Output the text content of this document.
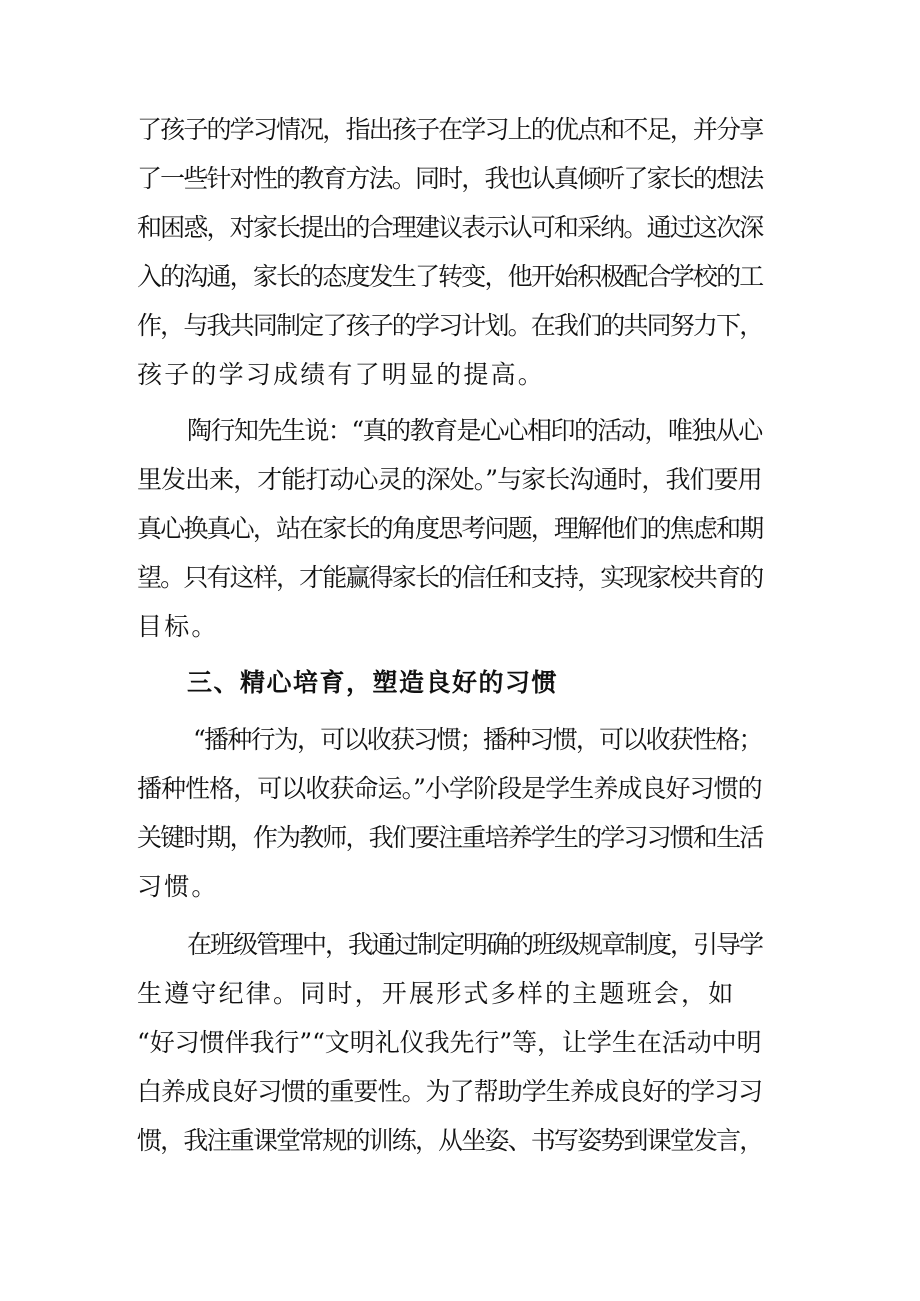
了孩子的学习情况，指出孩子在学习上的优点和不足，并分享
了一些针对性的教育方法。同时，我也认真倾听了家长的想法
和困惑，对家长提出的合理建议表示认可和采纳。通过这次深
入的沟通，家长的态度发生了转变，他开始积极配合学校的工
作，与我共同制定了孩子的学习计划。在我们的共同努力下，
孩子的学习成绩有了明显的提高。
陶行知先生说：“真的教育是心心相印的活动，唯独从心
里发出来，才能打动心灵的深处。”与家长沟通时，我们要用
真心换真心，站在家长的角度思考问题，理解他们的焦虑和期
望。只有这样，才能赢得家长的信任和支持，实现家校共育的
目标。
三、精心培育，塑造良好的习惯
“播种行为，可以收获习惯；播种习惯，可以收获性格；
播种性格，可以收获命运。”小学阶段是学生养成良好习惯的
关键时期，作为教师，我们要注重培养学生的学习习惯和生活
习惯。
在班级管理中，我通过制定明确的班级规章制度，引导学
生遵守纪律。同时，开展形式多样的主题班会，如
“好习惯伴我行”“文明礼仪我先行”等，让学生在活动中明
白养成良好习惯的重要性。为了帮助学生养成良好的学习习
惯，我注重课堂常规的训练，从坐姿、书写姿势到课堂发言，
